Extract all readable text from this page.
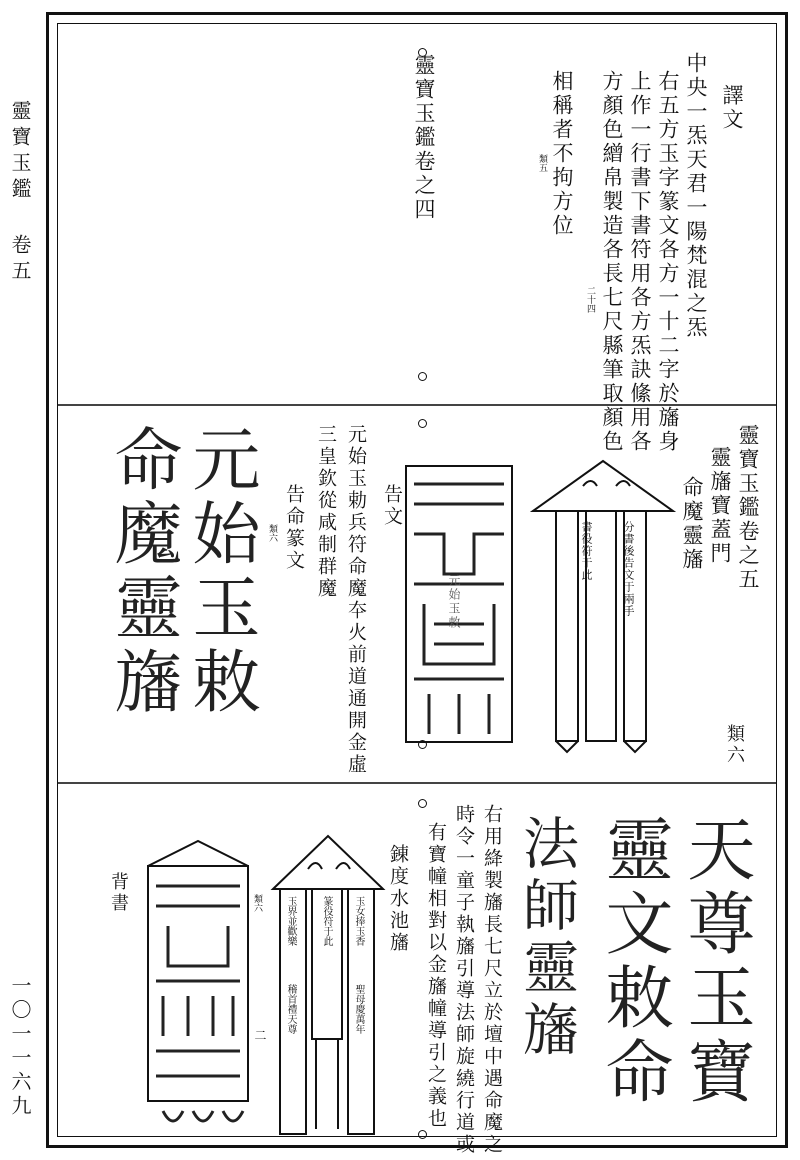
靈寶玉鑑 卷五
一〇一一六九
譯文
中央一炁天君一陽梵混之炁
右五方玉字篆文各方一十二字於旛身
上作一行書下書符用各方炁訣絛用各
方顏色繒帛製造各長七尺縣筆取顏色
相稱者不拘方位
二十四
類五
靈寶玉鑑卷之四
靈寶玉鑑卷之五
靈旛寶蓋門
命魔靈旛
類六
分書後告文于兩手
書役符于此
元始玉敕
告文
元始玉勅兵符命魔夲火前道通開金虛
三皇欽從咸制群魔
告命篆文
類六
元始玉敕
命魔靈旛
天尊玉寶
靈文敕命
法師靈旛
右用絳製旛長七尺立於壇中遇命魔之
時令一童子執旛引導法師旋繞行道或
有寶幢相對以金旛幢導引之義也
錬度水池旛
類六
二
玉女捧玉香
聖母慶萬年
篆役符于此
玉界並歡樂
稽首禮天尊
背書
